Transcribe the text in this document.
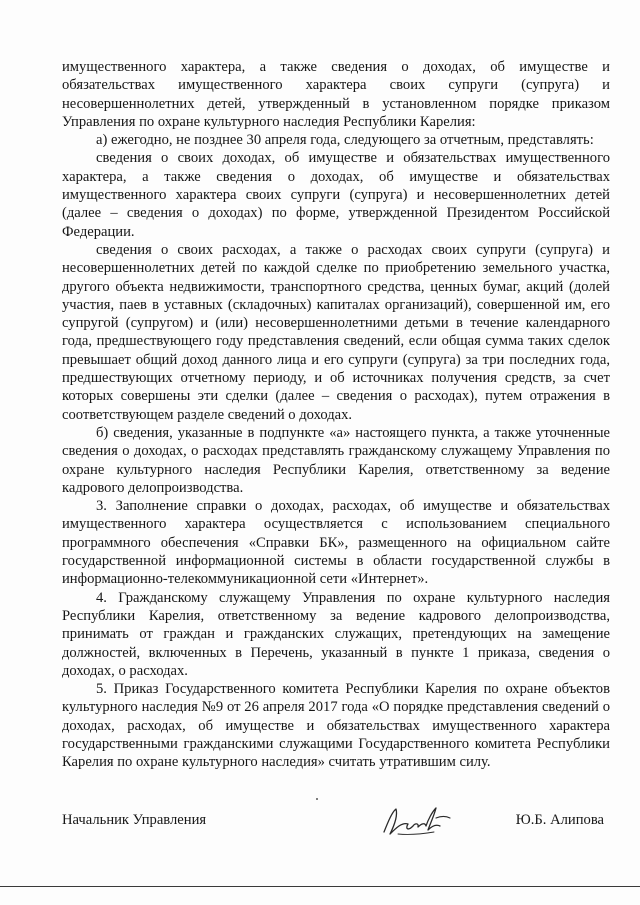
имущественного характера, а также сведения о доходах, об имуществе и обязательствах имущественного характера своих супруги (супруга) и несовершеннолетних детей, утвержденный в установленном порядке приказом Управления по охране культурного наследия Республики Карелия:

а) ежегодно, не позднее 30 апреля года, следующего за отчетным, представлять:

сведения о своих доходах, об имуществе и обязательствах имущественного характера, а также сведения о доходах, об имуществе и обязательствах имущественного характера своих супруги (супруга) и несовершеннолетних детей (далее – сведения о доходах) по форме, утвержденной Президентом Российской Федерации.

сведения о своих расходах, а также о расходах своих супруги (супруга) и несовершеннолетних детей по каждой сделке по приобретению земельного участка, другого объекта недвижимости, транспортного средства, ценных бумаг, акций (долей участия, паев в уставных (складочных) капиталах организаций), совершенной им, его супругой (супругом) и (или) несовершеннолетними детьми в течение календарного года, предшествующего году представления сведений, если общая сумма таких сделок превышает общий доход данного лица и его супруги (супруга) за три последних года, предшествующих отчетному периоду, и об источниках получения средств, за счет которых совершены эти сделки (далее – сведения о расходах), путем отражения в соответствующем разделе сведений о доходах.

б) сведения, указанные в подпункте «а» настоящего пункта, а также уточненные сведения о доходах, о расходах представлять гражданскому служащему Управления по охране культурного наследия Республики Карелия, ответственному за ведение кадрового делопроизводства.

3. Заполнение справки о доходах, расходах, об имуществе и обязательствах имущественного характера осуществляется с использованием специального программного обеспечения «Справки БК», размещенного на официальном сайте государственной информационной системы в области государственной службы в информационно-телекоммуникационной сети «Интернет».

4. Гражданскому служащему Управления по охране культурного наследия Республики Карелия, ответственному за ведение кадрового делопроизводства, принимать от граждан и гражданских служащих, претендующих на замещение должностей, включенных в Перечень, указанный в пункте 1 приказа, сведения о доходах, о расходах.

5. Приказ Государственного комитета Республики Карелия по охране объектов культурного наследия №9 от 26 апреля 2017 года «О порядке представления сведений о доходах, расходах, об имуществе и обязательствах имущественного характера государственными гражданскими служащими Государственного комитета Республики Карелия по охране культурного наследия» считать утратившим силу.

Начальник Управления	Ю.Б. Алипова
